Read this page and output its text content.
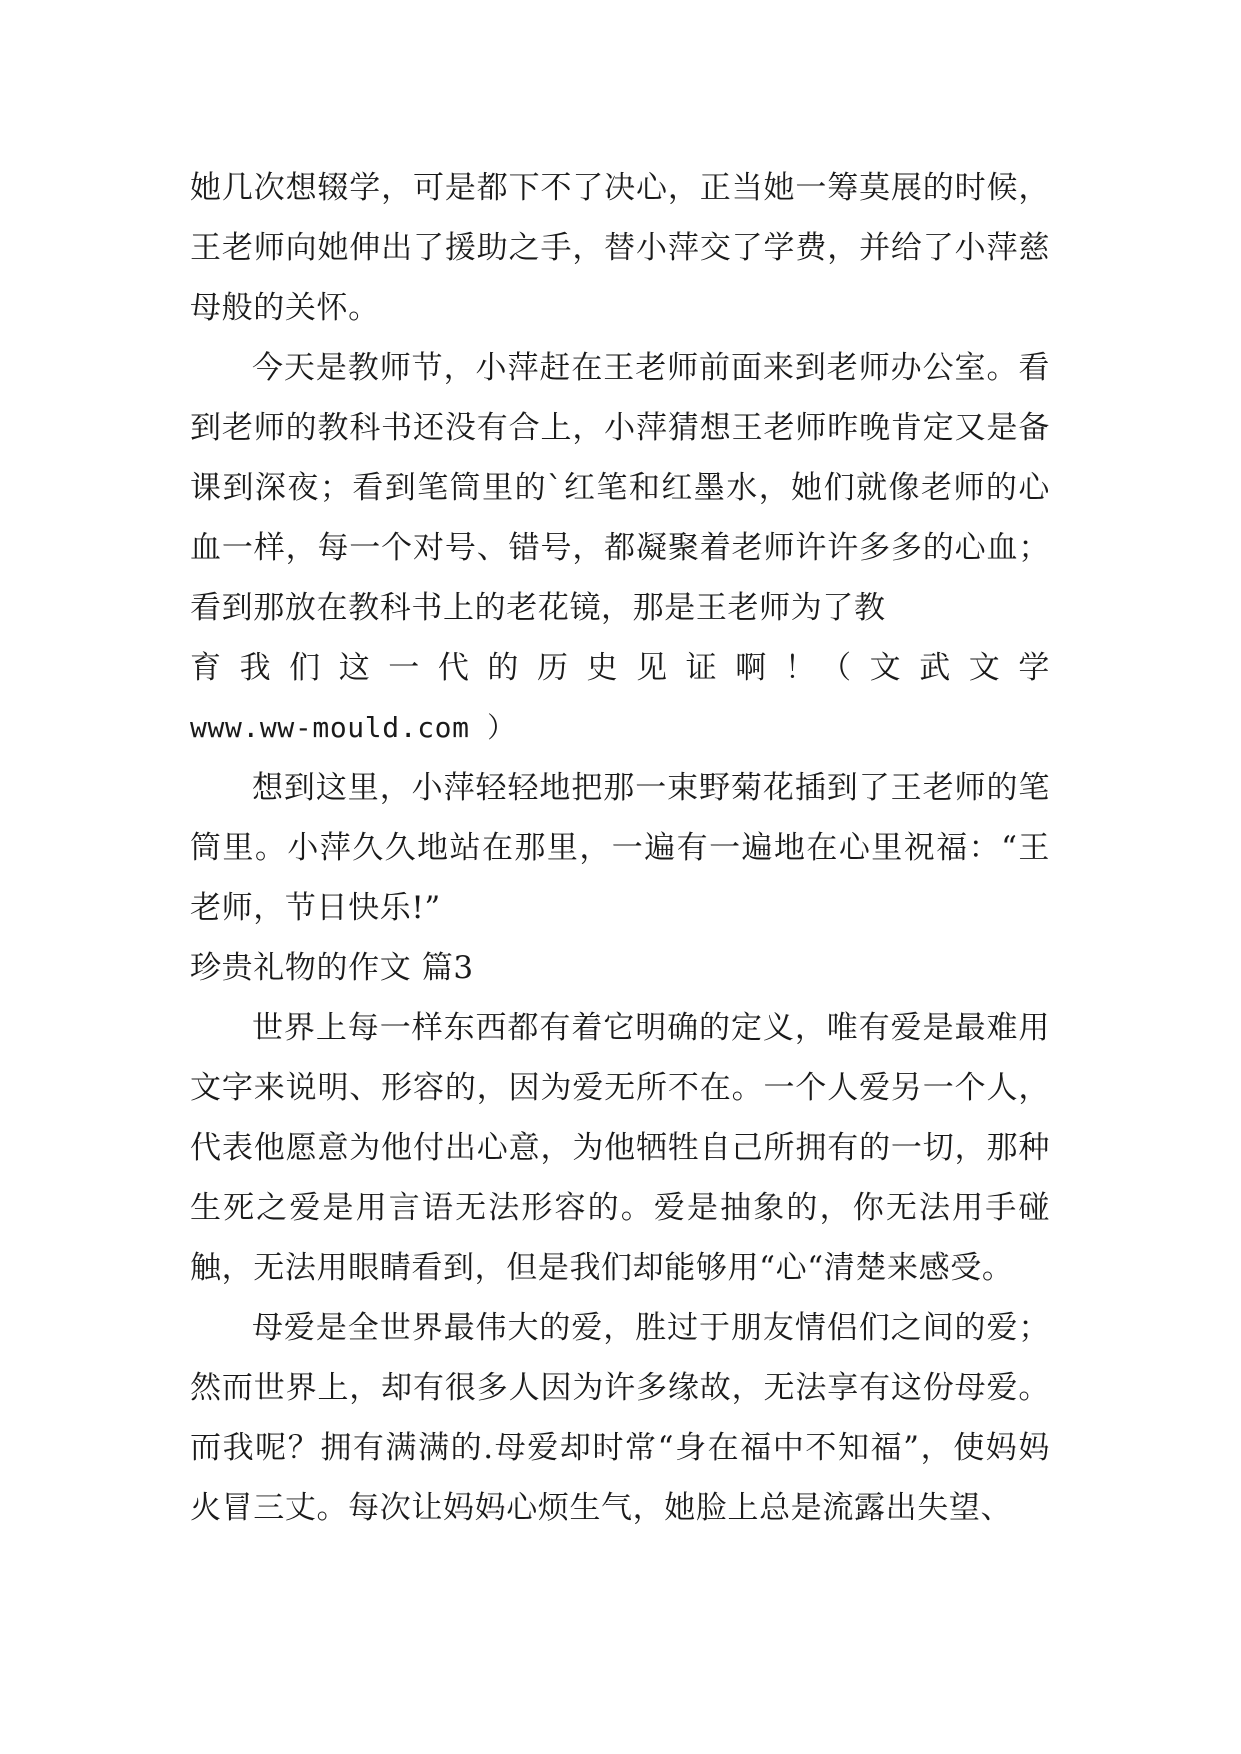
她几次想辍学，可是都下不了决心，正当她一筹莫展的时候，王老师向她伸出了援助之手，替小萍交了学费，并给了小萍慈母般的关怀。

今天是教师节，小萍赶在王老师前面来到老师办公室。看到老师的教科书还没有合上，小萍猜想王老师昨晚肯定又是备课到深夜；看到笔筒里的`红笔和红墨水，她们就像老师的心血一样，每一个对号、错号，都凝聚着老师许许多多的心血；看到那放在教科书上的老花镜，那是王老师为了教

育 我 们 这 一 代 的 历 史 见 证 啊 ！（ 文 武 文 学

www.ww-mould.com ）

想到这里，小萍轻轻地把那一束野菊花插到了王老师的笔筒里。小萍久久地站在那里，一遍有一遍地在心里祝福：“王老师，节日快乐!”

珍贵礼物的作文 篇3

世界上每一样东西都有着它明确的定义，唯有爱是最难用文字来说明、形容的，因为爱无所不在。一个人爱另一个人，代表他愿意为他付出心意，为他牺牲自己所拥有的一切，那种生死之爱是用言语无法形容的。爱是抽象的，你无法用手碰触，无法用眼睛看到，但是我们却能够用“心“清楚来感受。

母爱是全世界最伟大的爱，胜过于朋友情侣们之间的爱；然而世界上，却有很多人因为许多缘故，无法享有这份母爱。而我呢？拥有满满的.母爱却时常“身在福中不知福”，使妈妈火冒三丈。每次让妈妈心烦生气，她脸上总是流露出失望、
